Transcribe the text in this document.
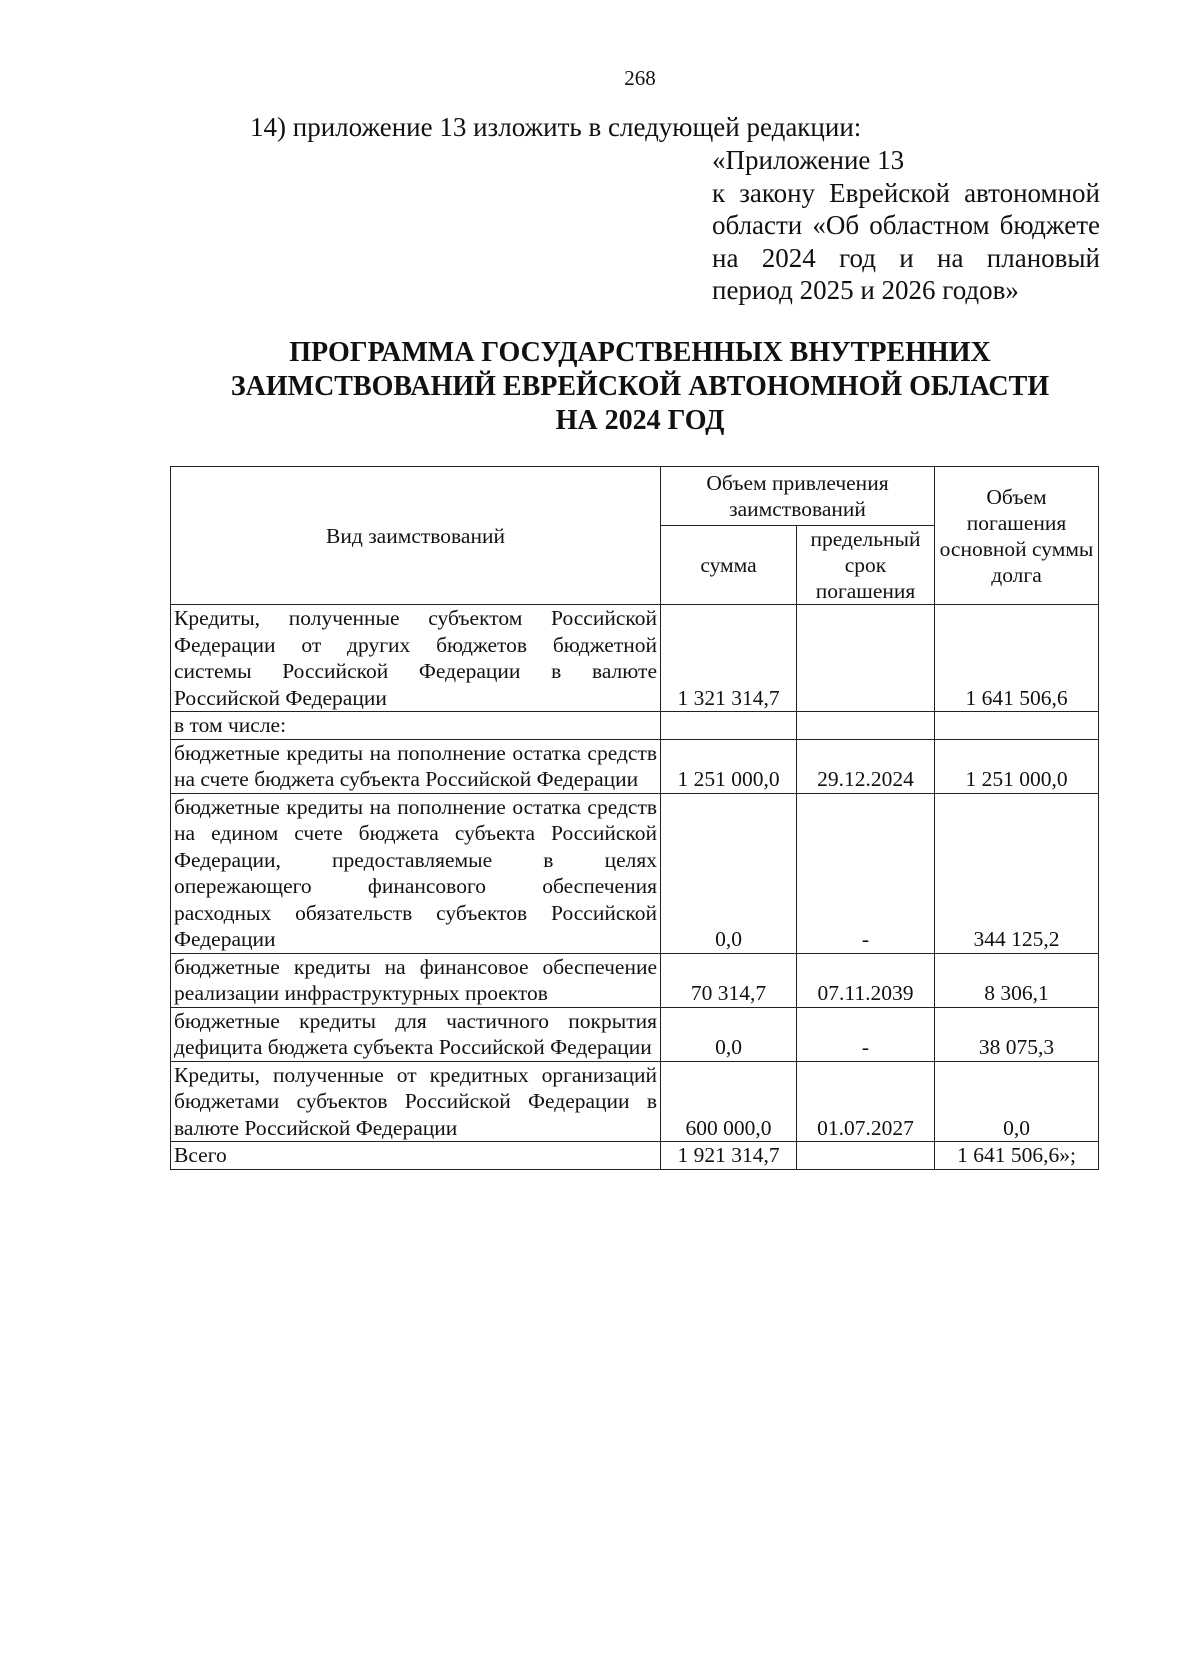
268
14) приложение 13 изложить в следующей редакции:
«Приложение 13
к закону Еврейской автономной
области «Об областном бюджете
на 2024 год и на плановый
период 2025 и 2026 годов»
ПРОГРАММА ГОСУДАРСТВЕННЫХ ВНУТРЕННИХ
ЗАИМСТВОВАНИЙ ЕВРЕЙСКОЙ АВТОНОМНОЙ ОБЛАСТИ
НА 2024 ГОД
Вид заимствований	Объем привлечения заимствований		Объем погашения основной суммы долга
	сумма	предельный срок погашения	
Кредиты, полученные субъектом Российской Федерации от других бюджетов бюджетной системы Российской Федерации в валюте Российской Федерации	1 321 314,7		1 641 506,6
в том числе:			
бюджетные кредиты на пополнение остатка средств на счете бюджета субъекта Российской Федерации	1 251 000,0	29.12.2024	1 251 000,0
бюджетные кредиты на пополнение остатка средств на едином счете бюджета субъекта Российской Федерации, предоставляемые в целях опережающего финансового обеспечения расходных обязательств субъектов Российской Федерации	0,0	-	344 125,2
бюджетные кредиты на финансовое обеспечение реализации инфраструктурных проектов	70 314,7	07.11.2039	8 306,1
бюджетные кредиты для частичного покрытия дефицита бюджета субъекта Российской Федерации	0,0	-	38 075,3
Кредиты, полученные от кредитных организаций бюджетами субъектов Российской Федерации в валюте Российской Федерации	600 000,0	01.07.2027	0,0
Всего	1 921 314,7		1 641 506,6»;
